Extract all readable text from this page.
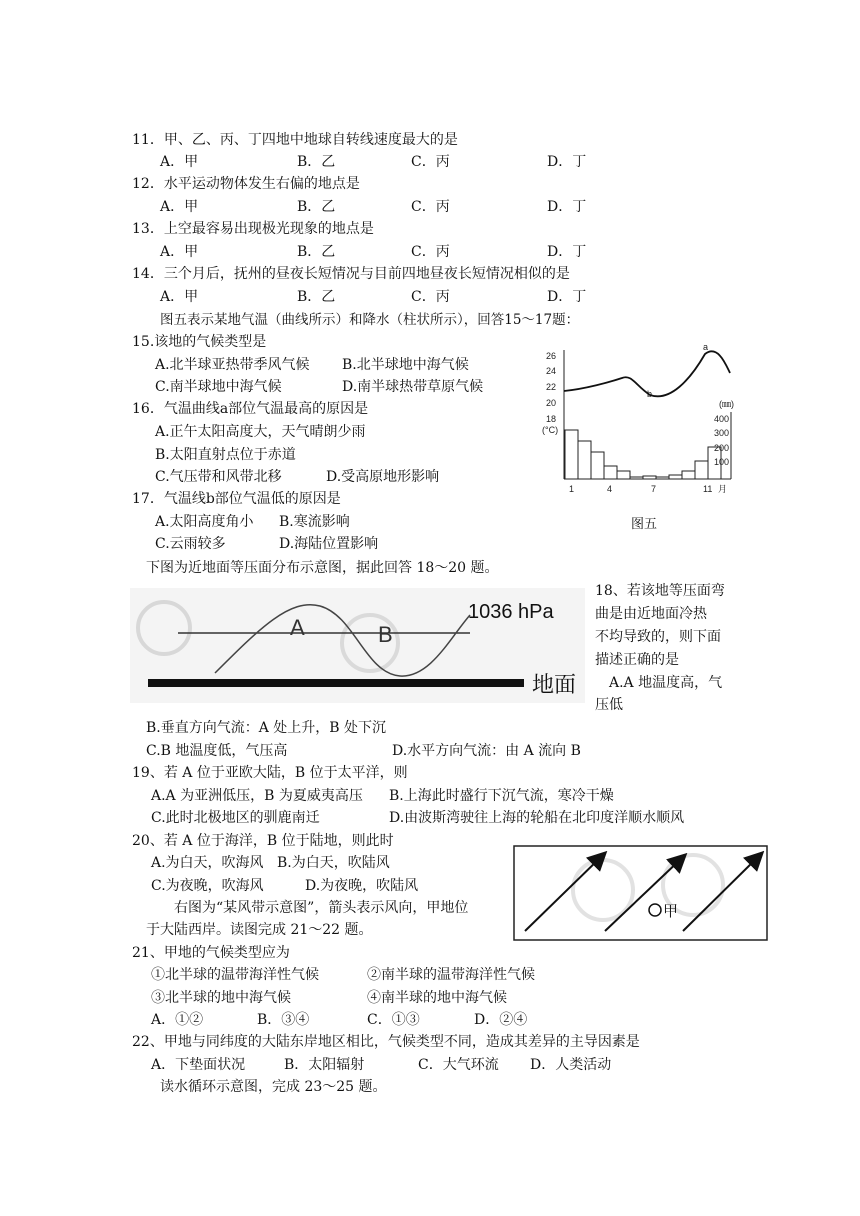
11．甲、乙、丙、丁四地中地球自转线速度最大的是
A．甲	B．乙	C．丙	D．丁
12．水平运动物体发生右偏的地点是
A．甲	B．乙	C．丙	D．丁
13．上空最容易出现极光现象的地点是
A．甲	B．乙	C．丙	D．丁
14．三个月后，抚州的昼夜长短情况与目前四地昼夜长短情况相似的是
A．甲	B．乙	C．丙	D．丁
图五表示某地气温（曲线所示）和降水（柱状所示），回答15～17题：
15.该地的气候类型是
A.北半球亚热带季风气候 B.北半球地中海气候
C.南半球地中海气候	D.南半球热带草原气候
16．气温曲线a部位气温最高的原因是
A.正午太阳高度大，天气晴朗少雨
B.太阳直射点位于赤道
C.气压带和风带北移	D.受高原地形影响
17．气温线b部位气温低的原因是
A.太阳高度角小 B.寒流影响
C.云雨较多	D.海陆位置影响
26
24
22
20
18
(°C)
(㎜)
400
300
200
100
1	4	7	11 月
a
b
图五
下图为近地面等压面分布示意图，据此回答 18～20 题。
A	B
1036 hPa
地面
18、若该地等压面弯
曲是由近地面冷热
不均导致的，则下面
描述正确的是
A.A 地温度高，气
压低
B.垂直方向气流：A 处上升，B 处下沉
C.B 地温度低，气压高	D.水平方向气流：由 A 流向 B
19、若 A 位于亚欧大陆，B 位于太平洋，则
A.A 为亚洲低压，B 为夏威夷高压 B.上海此时盛行下沉气流，寒冷干燥
C.此时北极地区的驯鹿南迁	D.由波斯湾驶往上海的轮船在北印度洋顺水顺风
20、若 A 位于海洋，B 位于陆地，则此时
A.为白天，吹海风 B.为白天，吹陆风
C.为夜晚，吹海风	D.为夜晚，吹陆风
甲
右图为“某风带示意图”，箭头表示风向，甲地位
于大陆西岸。读图完成 21～22 题。
21、甲地的气候类型应为
①北半球的温带海洋性气候	②南半球的温带海洋性气候
③北半球的地中海气候	④南半球的地中海气候
A．①②	B．③④	C．①③	D．②④
22、甲地与同纬度的大陆东岸地区相比，气候类型不同，造成其差异的主导因素是
A．下垫面状况	B．太阳辐射	C．大气环流 D．人类活动
读水循环示意图，完成 23～25 题。
